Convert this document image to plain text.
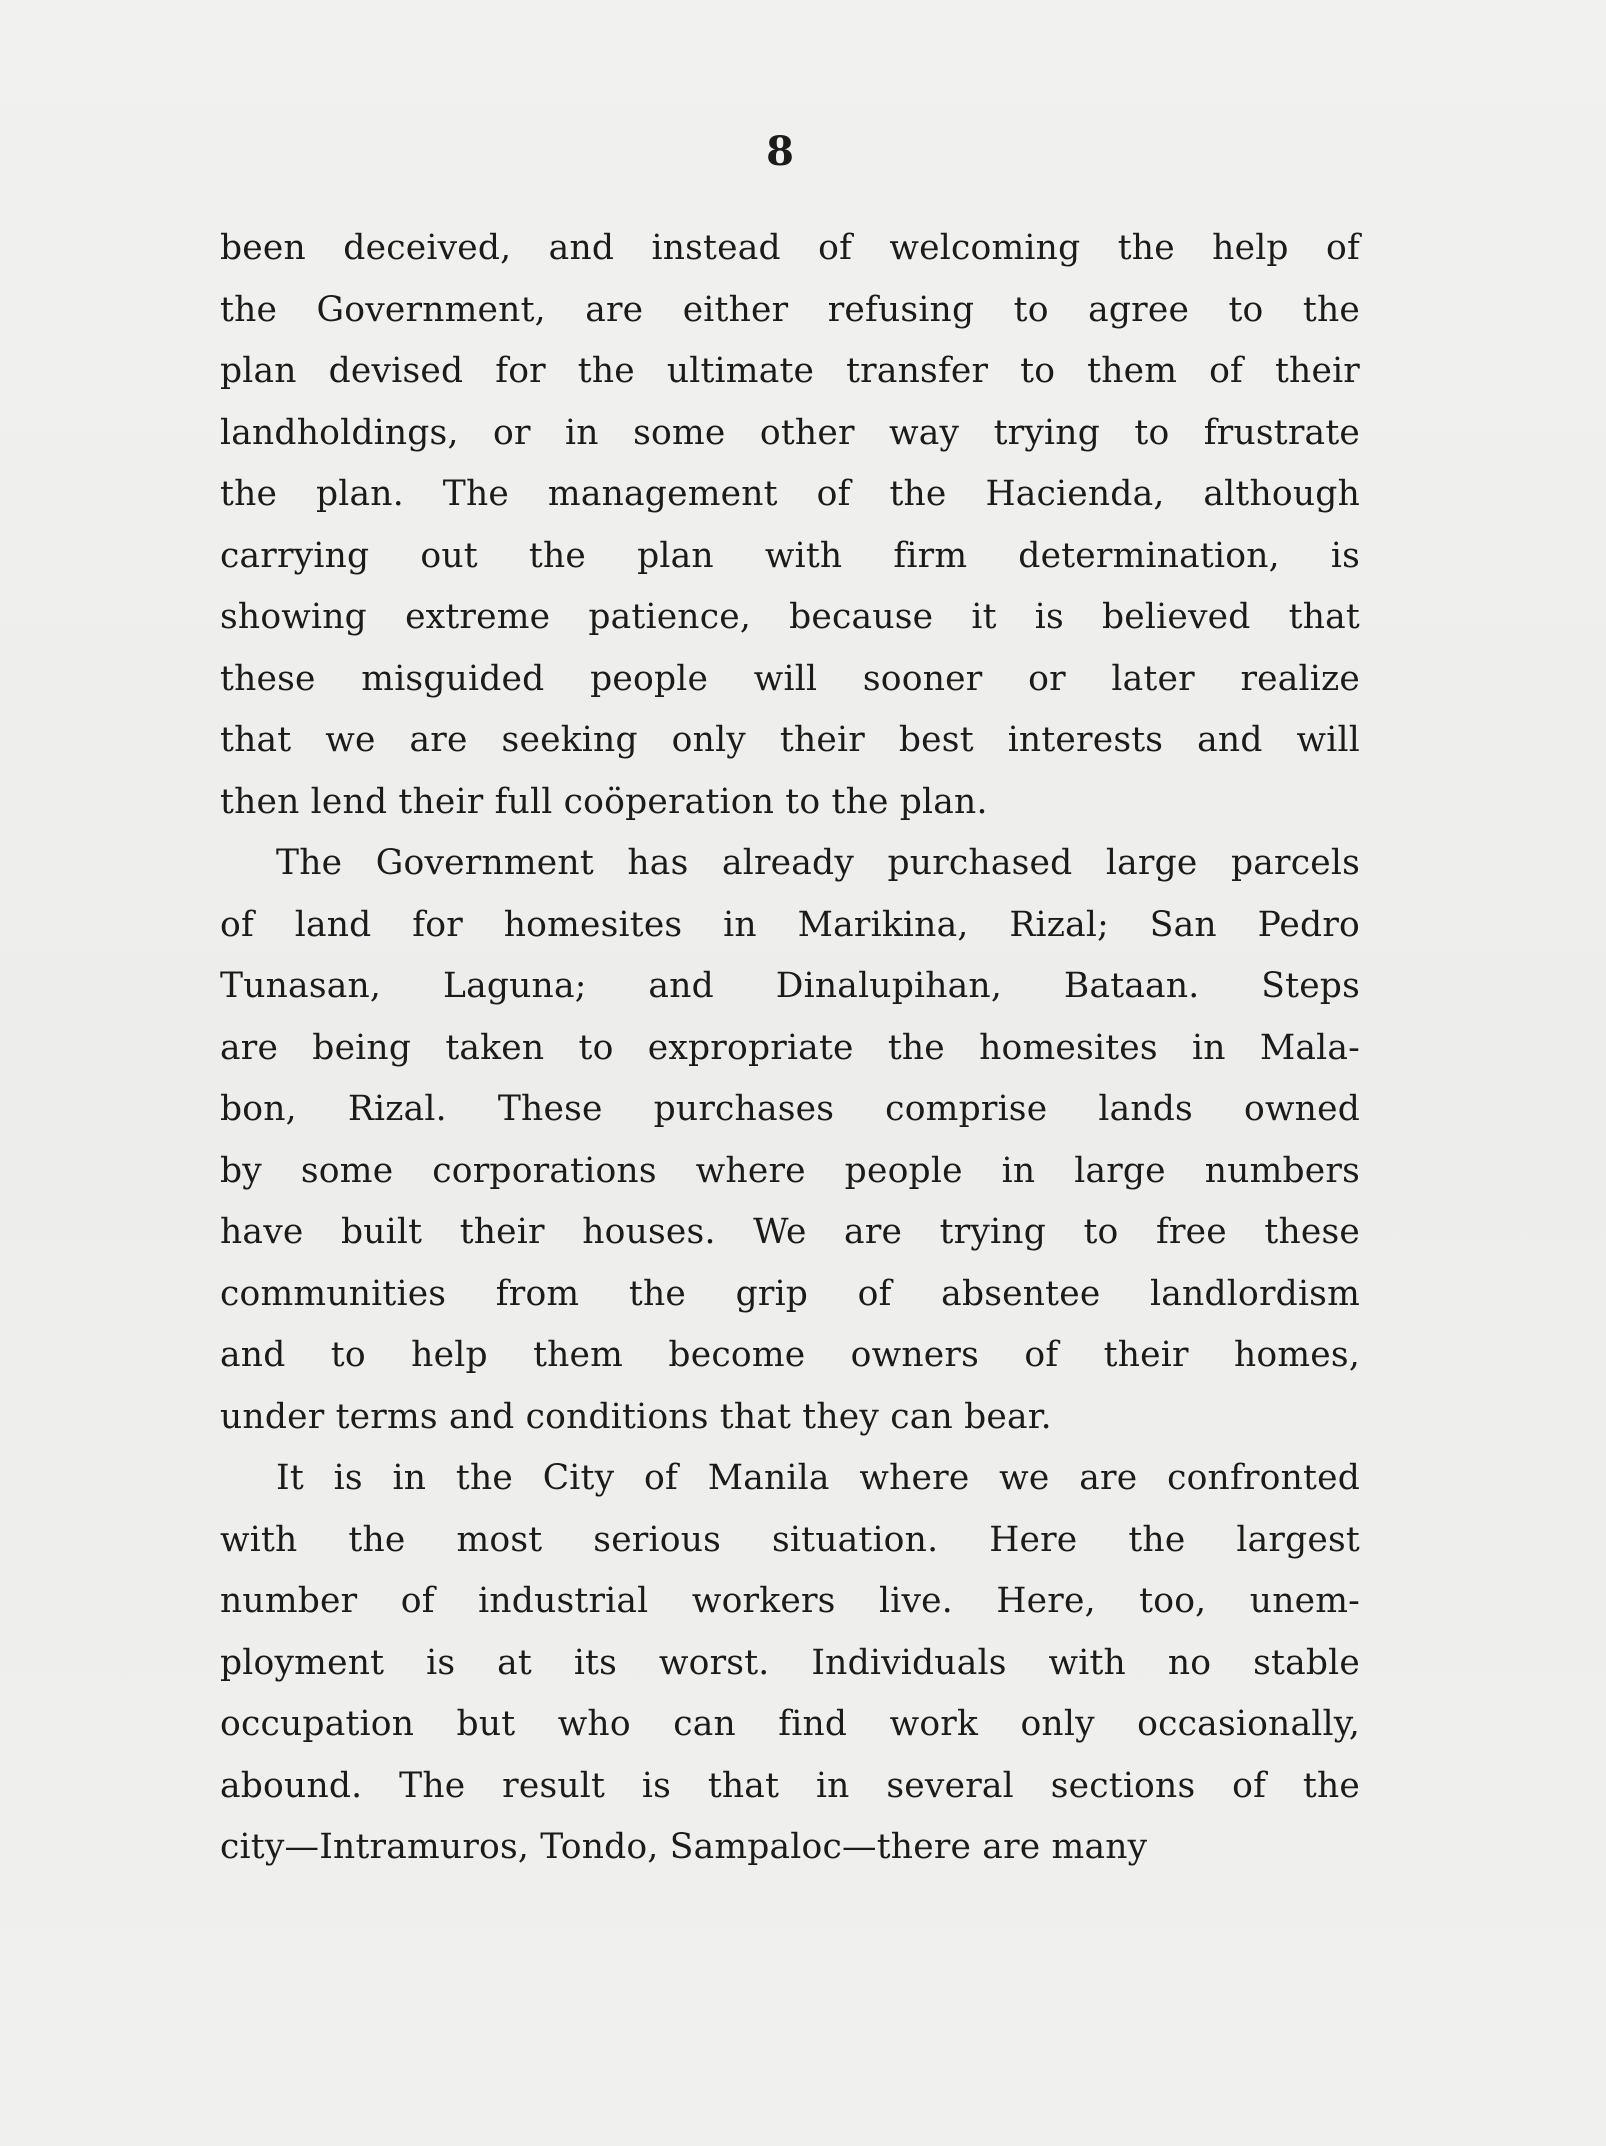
8
been deceived, and instead of welcoming the help of
the Government, are either refusing to agree to the
plan devised for the ultimate transfer to them of their
landholdings, or in some other way trying to frustrate
the plan. The management of the Hacienda, although
carrying out the plan with firm determination, is
showing extreme patience, because it is believed that
these misguided people will sooner or later realize
that we are seeking only their best interests and will
then lend their full coöperation to the plan.
The Government has already purchased large parcels
of land for homesites in Marikina, Rizal; San Pedro
Tunasan, Laguna; and Dinalupihan, Bataan. Steps
are being taken to expropriate the homesites in Mala-
bon, Rizal. These purchases comprise lands owned
by some corporations where people in large numbers
have built their houses. We are trying to free these
communities from the grip of absentee landlordism
and to help them become owners of their homes,
under terms and conditions that they can bear.
It is in the City of Manila where we are confronted
with the most serious situation. Here the largest
number of industrial workers live. Here, too, unem-
ployment is at its worst. Individuals with no stable
occupation but who can find work only occasionally,
abound. The result is that in several sections of the
city—Intramuros, Tondo, Sampaloc—there are many
